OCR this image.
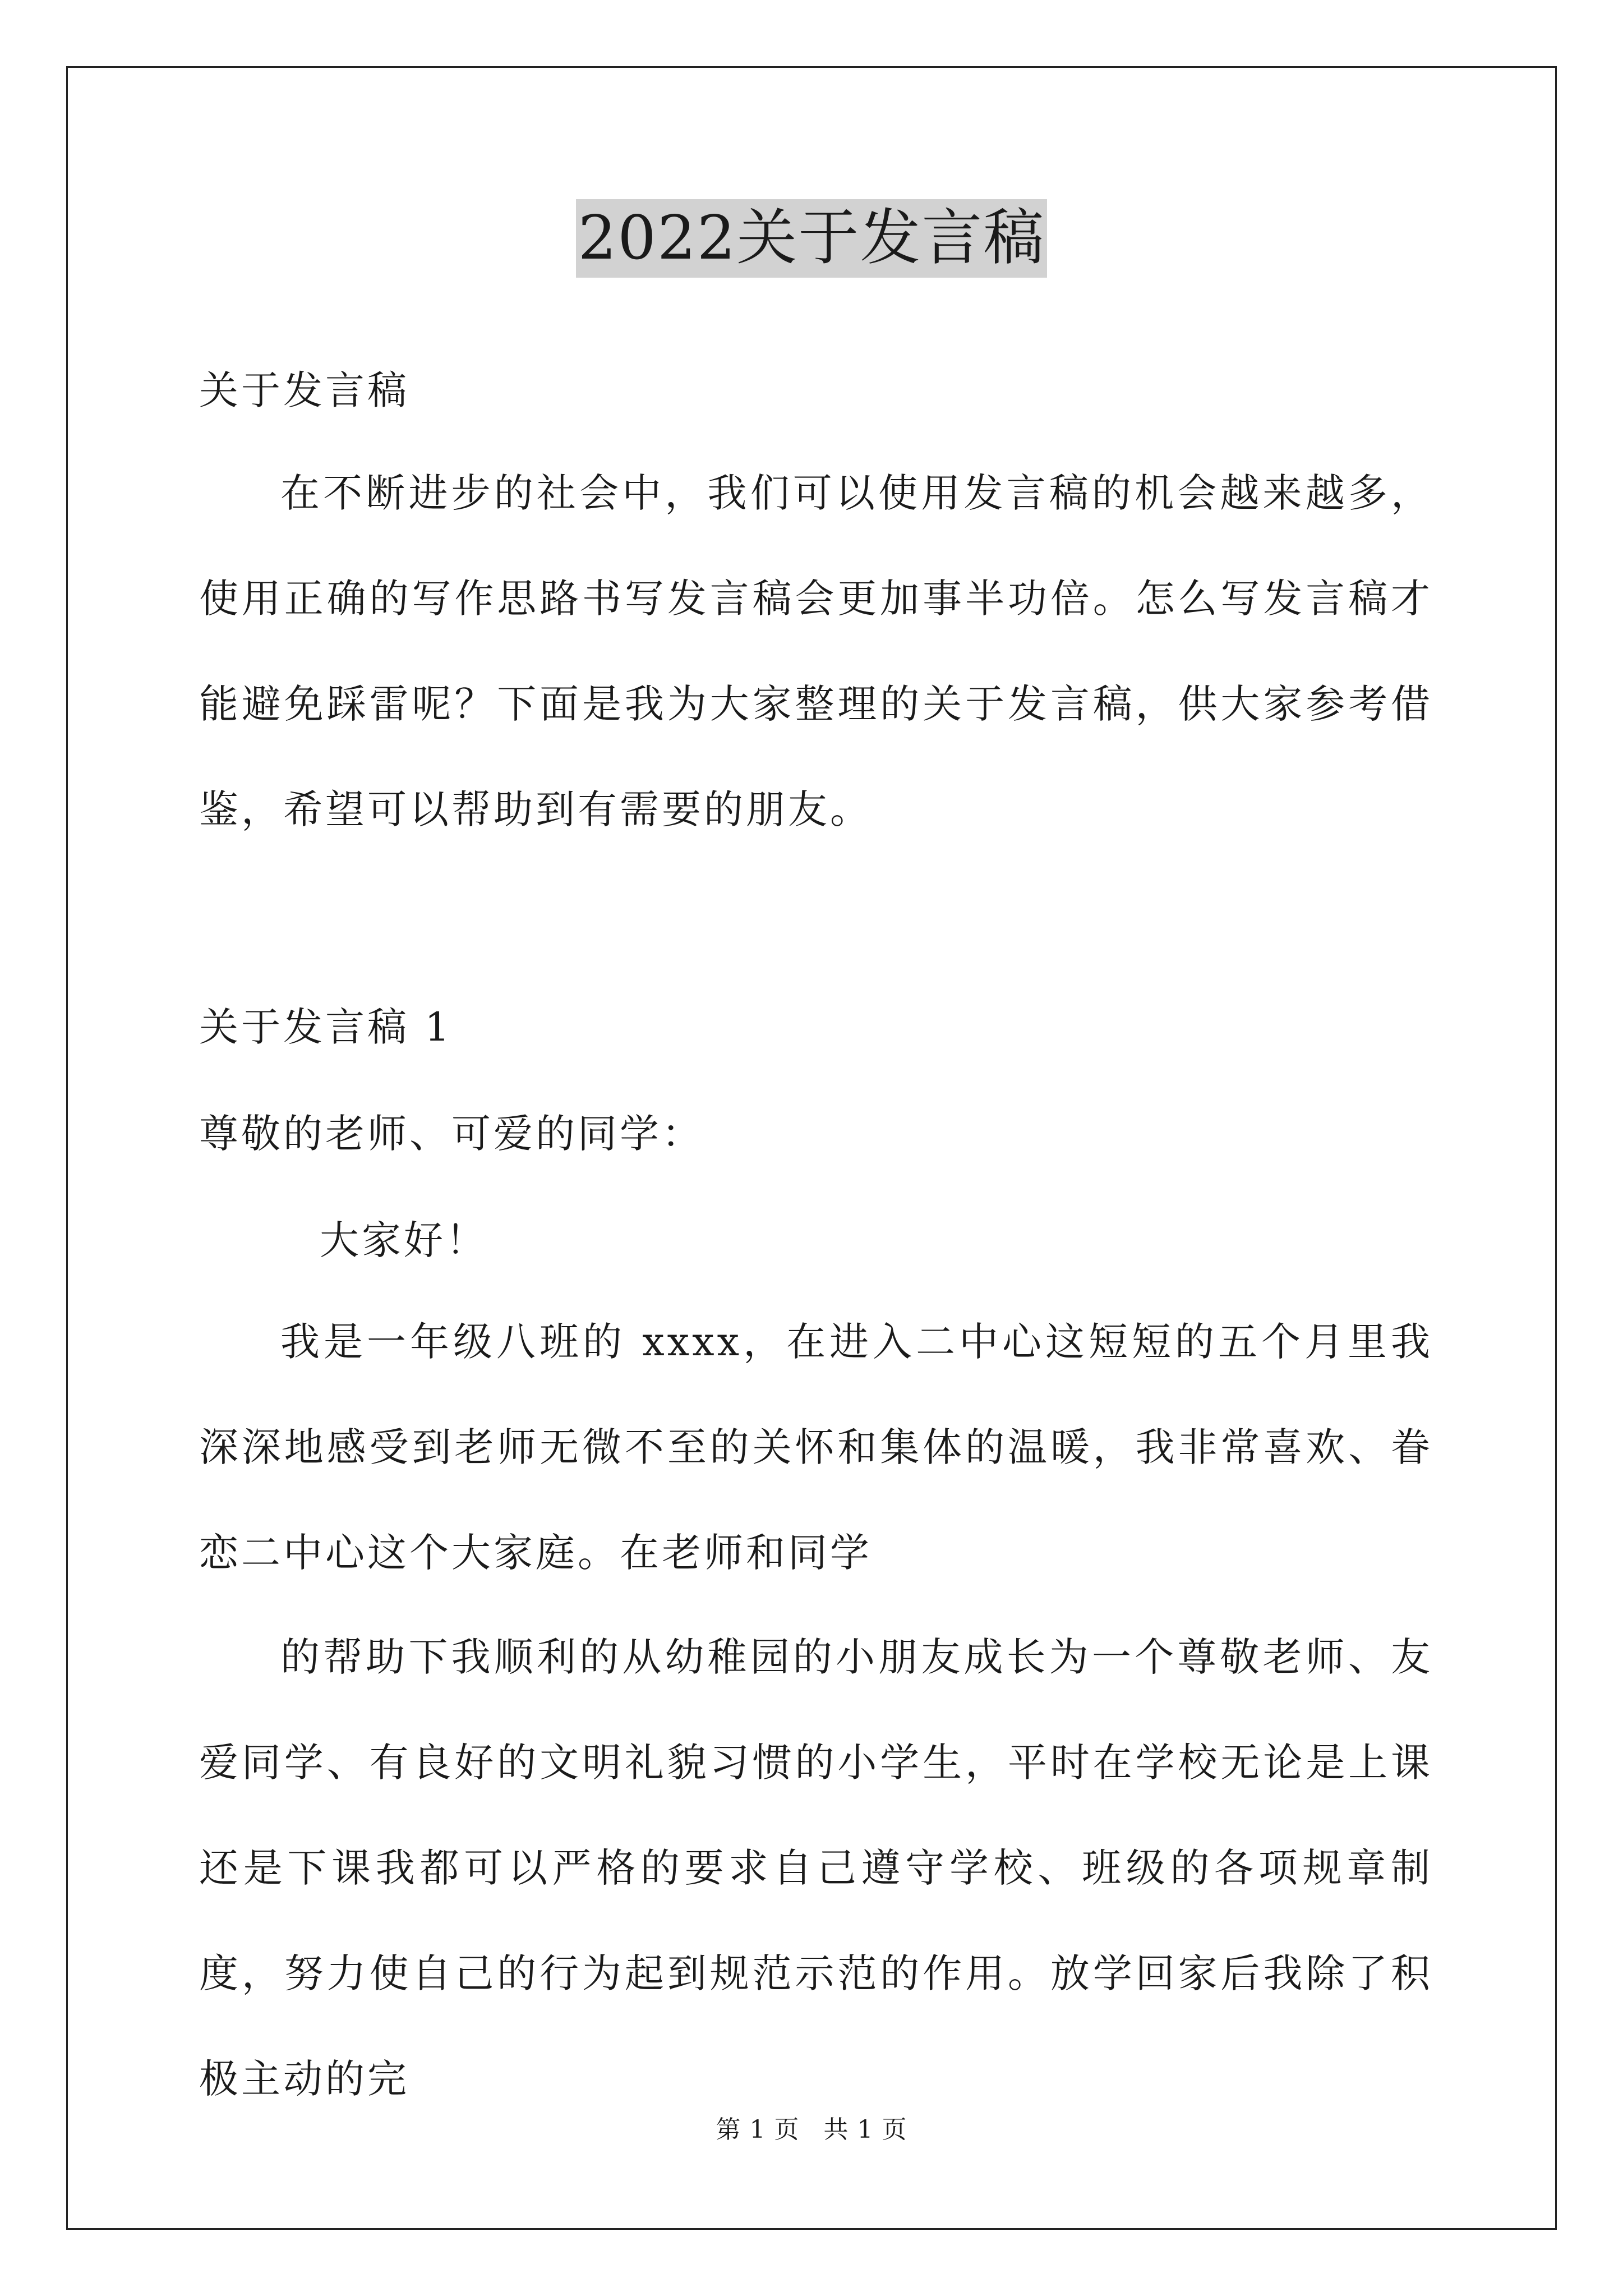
2022关于发言稿

关于发言稿

在不断进步的社会中，我们可以使用发言稿的机会越来越多，使用正确的写作思路书写发言稿会更加事半功倍。怎么写发言稿才能避免踩雷呢？下面是我为大家整理的关于发言稿，供大家参考借鉴，希望可以帮助到有需要的朋友。

关于发言稿 1

尊敬的老师、可爱的同学：

大家好！

我是一年级八班的 xxxx，在进入二中心这短短的五个月里我深深地感受到老师无微不至的关怀和集体的温暖，我非常喜欢、眷恋二中心这个大家庭。在老师和同学

的帮助下我顺利的从幼稚园的小朋友成长为一个尊敬老师、友爱同学、有良好的文明礼貌习惯的小学生，平时在学校无论是上课还是下课我都可以严格的要求自己遵守学校、班级的各项规章制度，努力使自己的行为起到规范示范的作用。放学回家后我除了积极主动的完

第 1 页 共 1 页
